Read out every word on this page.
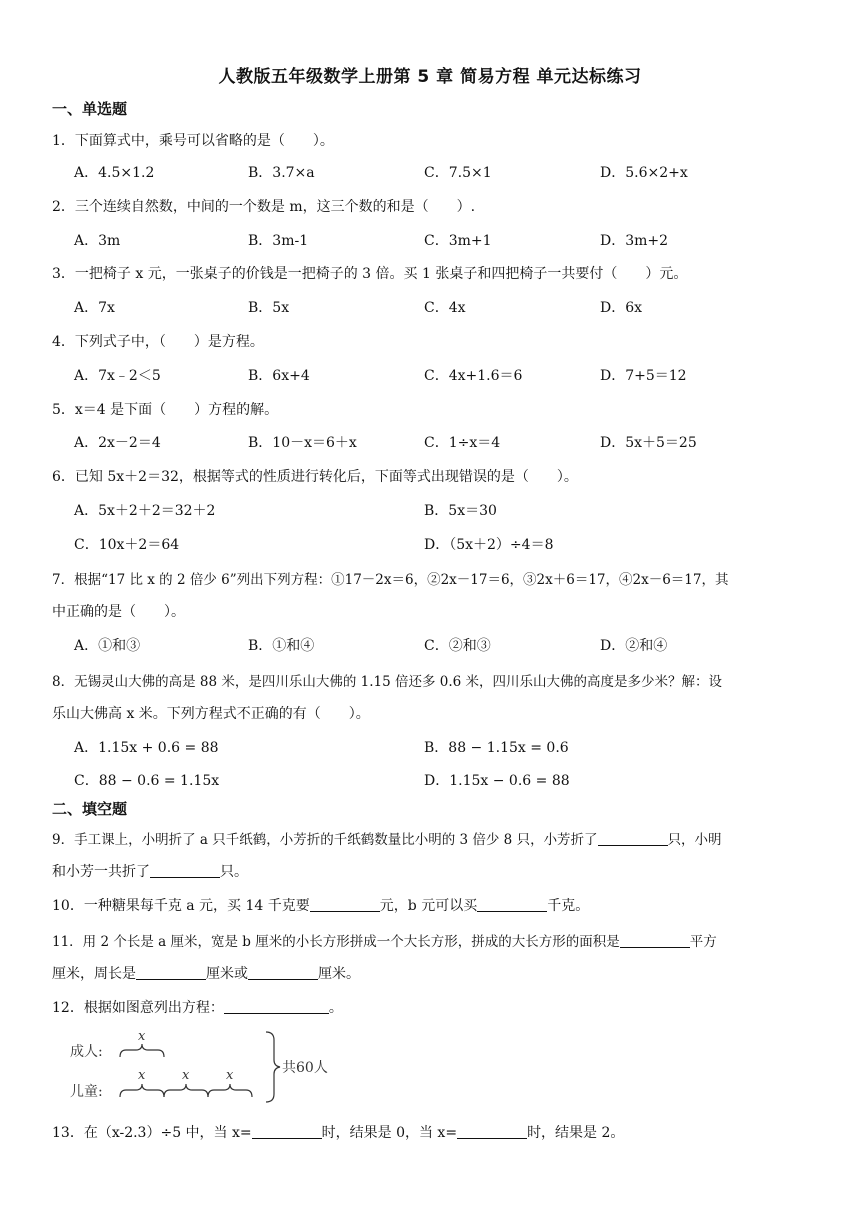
人教版五年级数学上册第 5 章 简易方程 单元达标练习
一、单选题
1．下面算式中，乘号可以省略的是（　　）。
A．4.5×1.2	B．3.7×a	C．7.5×1	D．5.6×2+x
2．三个连续自然数，中间的一个数是 m，这三个数的和是（　　）.
A．3m	B．3m-1	C．3m+1	D．3m+2
3．一把椅子 x 元，一张桌子的价钱是一把椅子的 3 倍。买 1 张桌子和四把椅子一共要付（　　）元。
A．7x	B．5x	C．4x	D．6x
4．下列式子中，（　　）是方程。
A．7x﹣2＜5	B．6x+4	C．4x+1.6＝6	D．7+5＝12
5．x＝4 是下面（　　）方程的解。
A．2x－2＝4	B．10－x＝6＋x	C．1÷x＝4	D．5x＋5＝25
6．已知 5x＋2＝32，根据等式的性质进行转化后，下面等式出现错误的是（　　）。
A．5x＋2＋2＝32＋2	B．5x＝30
C．10x＋2＝64	D．（5x＋2）÷4＝8
7．根据“17 比 x 的 2 倍少 6”列出下列方程：①17－2x＝6，②2x－17＝6，③2x＋6＝17，④2x－6＝17，其
中正确的是（　　）。
A．①和③	B．①和④	C．②和③	D．②和④
8．无锡灵山大佛的高是 88 米，是四川乐山大佛的 1.15 倍还多 0.6 米，四川乐山大佛的高度是多少米？解：设
乐山大佛高 x 米。下列方程式不正确的有（　　）。
A．1.15x + 0.6 = 88	B．88 − 1.15x = 0.6
C．88 − 0.6 = 1.15x	D．1.15x − 0.6 = 88
二、填空题
9．手工课上，小明折了 a 只千纸鹤，小芳折的千纸鹤数量比小明的 3 倍少 8 只，小芳折了	只，小明
和小芳一共折了	只。
10．一种糖果每千克 a 元，买 14 千克要	元，b 元可以买	千克。
11．用 2 个长是 a 厘米，宽是 b 厘米的小长方形拼成一个大长方形，拼成的大长方形的面积是	平方
厘米，周长是	厘米或	厘米。
12．根据如图意列出方程：	。
成人:
儿童:
x
x	x	x	共60人
13．在（x-2.3）÷5 中，当 x=	时，结果是 0，当 x=	时，结果是 2。
